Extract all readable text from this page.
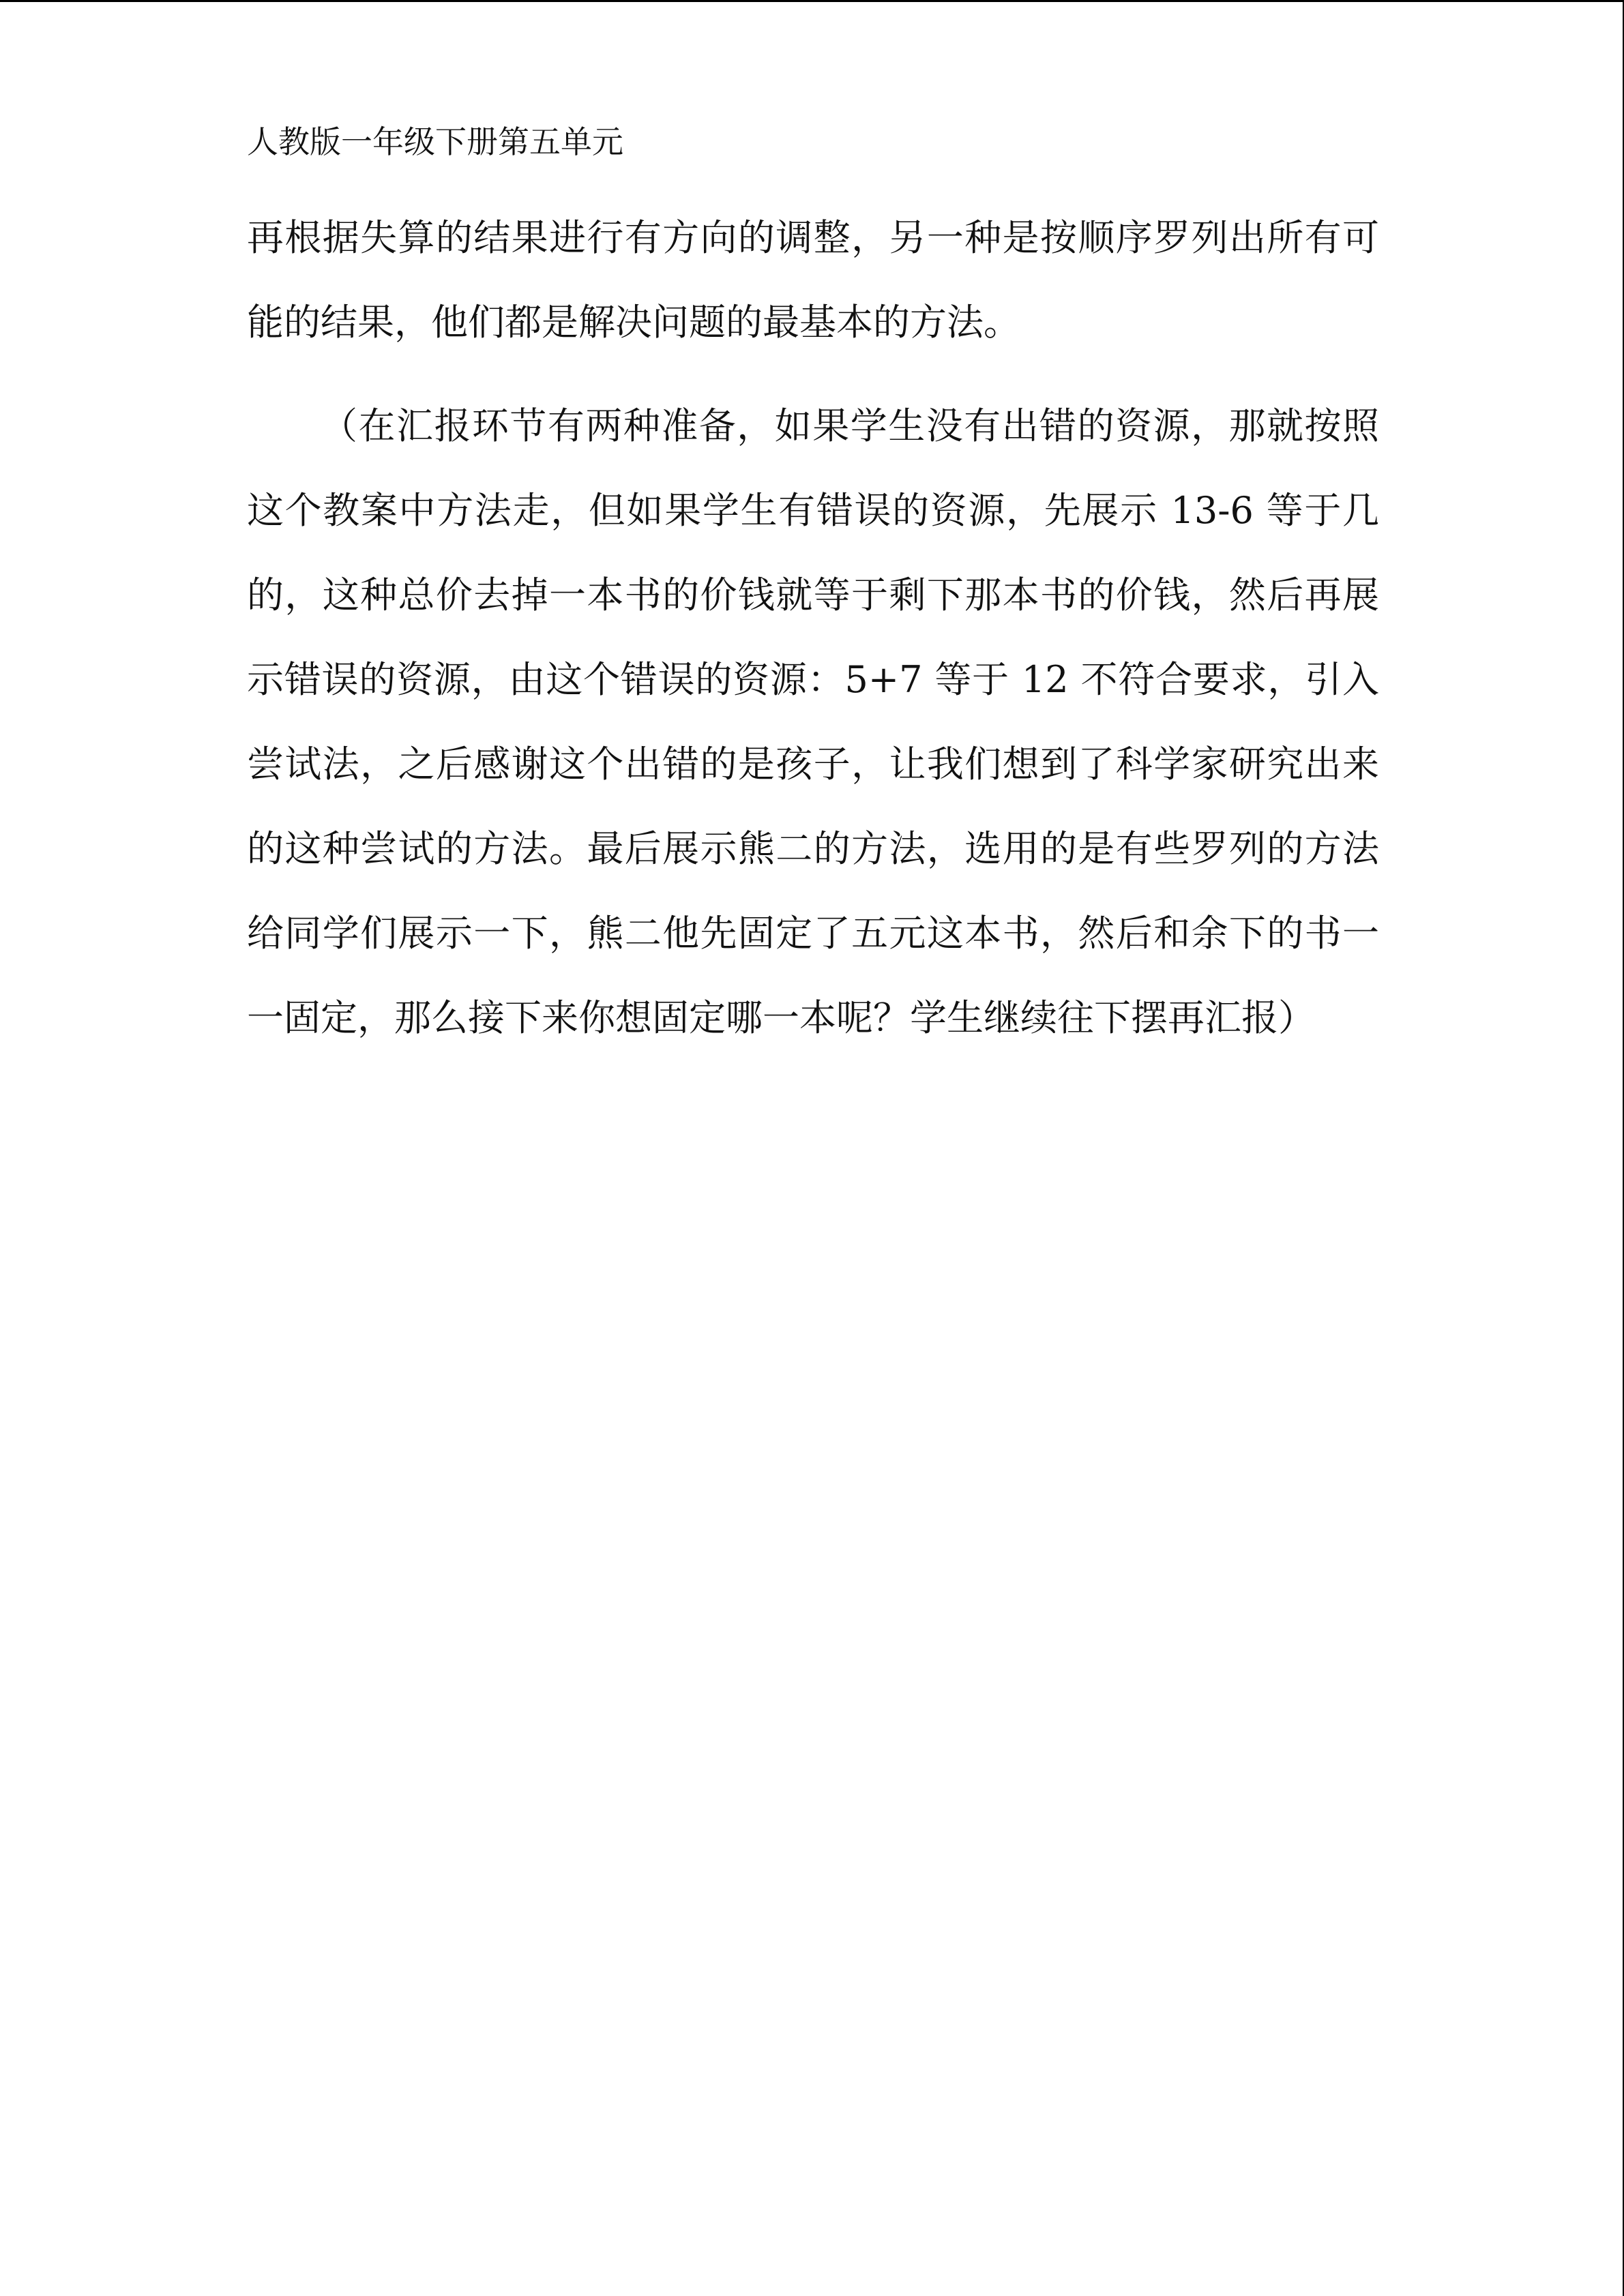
人教版一年级下册第五单元

再根据失算的结果进行有方向的调整，另一种是按顺序罗列出所有可能的结果，他们都是解决问题的最基本的方法。

（在汇报环节有两种准备，如果学生没有出错的资源，那就按照这个教案中方法走，但如果学生有错误的资源，先展示 13-6 等于几的，这种总价去掉一本书的价钱就等于剩下那本书的价钱，然后再展示错误的资源，由这个错误的资源：5+7 等于 12 不符合要求，引入尝试法，之后感谢这个出错的是孩子，让我们想到了科学家研究出来的这种尝试的方法。最后展示熊二的方法，选用的是有些罗列的方法给同学们展示一下，熊二他先固定了五元这本书，然后和余下的书一一固定，那么接下来你想固定哪一本呢？学生继续往下摆再汇报）
